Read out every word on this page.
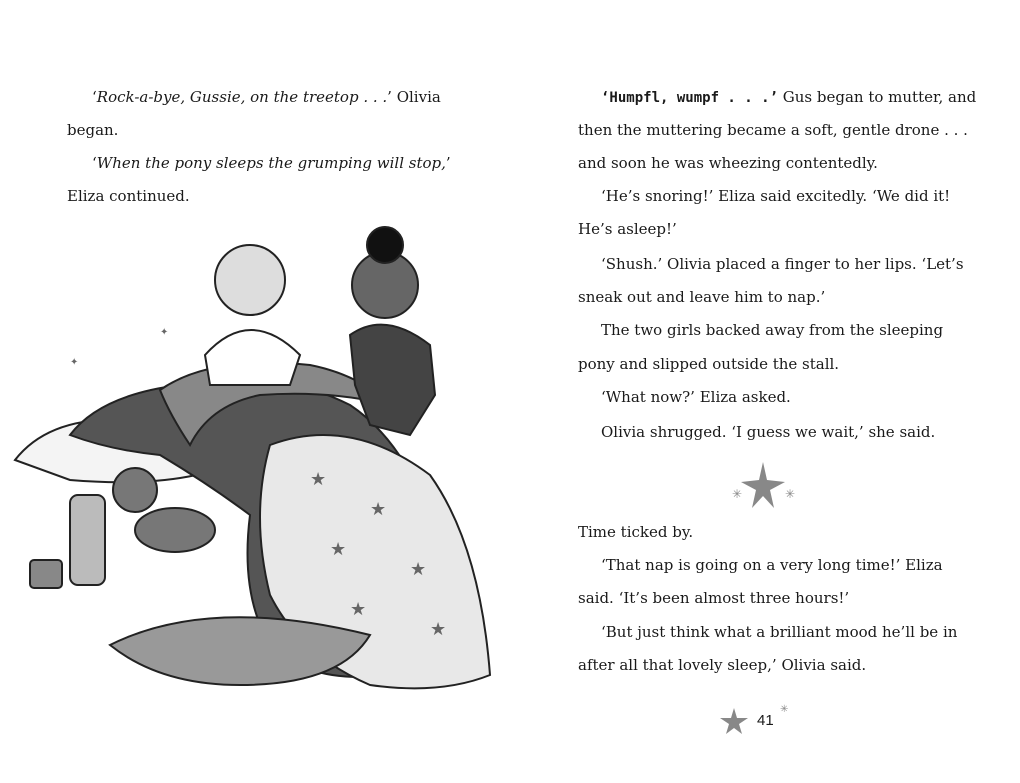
‘Rock-a-bye, Gussie, on the treetop . . .’ Olivia
began.
‘When the pony sleeps the grumping will stop,’
Eliza continued.
★
★
★
★
★
★
✦
✦
‘Humpfl, wumpf . . .’ Gus began to mutter, and
then the muttering became a soft, gentle drone . . .
and soon he was wheezing contentedly.
‘He’s snoring!’ Eliza said excitedly. ‘We did it!
He’s asleep!’
‘Shush.’ Olivia placed a finger to her lips. ‘Let’s
sneak out and leave him to nap.’
The two girls backed away from the sleeping
pony and slipped outside the stall.
‘What now?’ Eliza asked.
Olivia shrugged. ‘I guess we wait,’ she said.
✳	✳
Time ticked by.
‘That nap is going on a very long time!’ Eliza
said. ‘It’s been almost three hours!’
‘But just think what a brilliant mood he’ll be in
after all that lovely sleep,’ Olivia said.
✳
41
